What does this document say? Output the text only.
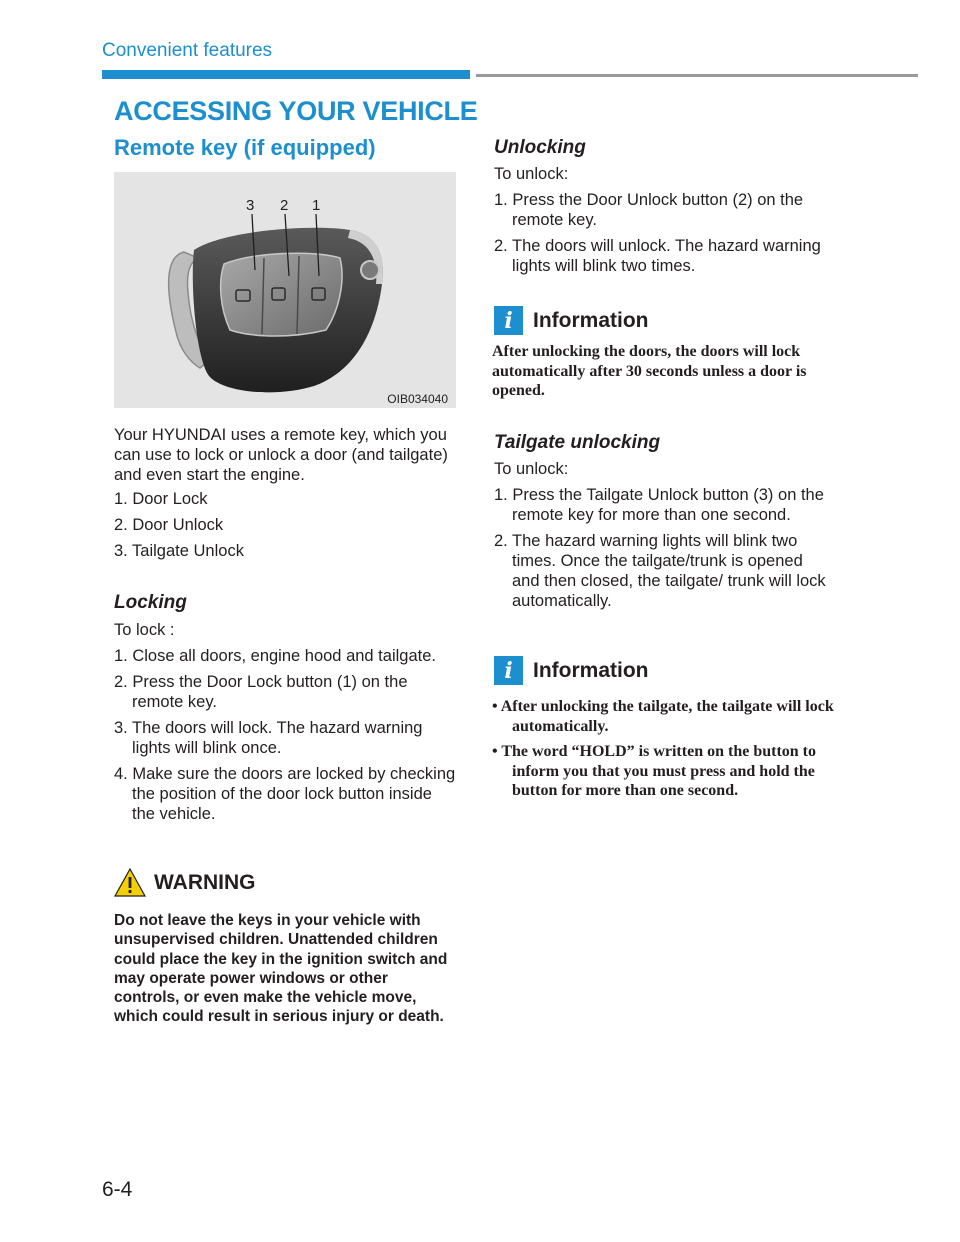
Convenient features
ACCESSING YOUR VEHICLE
Remote key (if equipped)
3 2 1
OIB034040
Your HYUNDAI uses a remote key, which you can use to lock or unlock a door (and tailgate) and even start the engine.
1. Door Lock
2. Door Unlock
3. Tailgate Unlock
Locking
To lock :
1. Close all doors, engine hood and tailgate.
2. Press the Door Lock button (1) on the remote key.
3. The doors will lock. The hazard warning lights will blink once.
4. Make sure the doors are locked by checking the position of the door lock button inside the vehicle.
WARNING
Do not leave the keys in your vehicle with unsupervised children. Unattended children could place the key in the ignition switch and may operate power windows or other controls, or even make the vehicle move, which could result in serious injury or death.
Unlocking
To unlock:
1. Press the Door Unlock button (2) on the remote key.
2. The doors will unlock. The hazard warning lights will blink two times.
i Information
After unlocking the doors, the doors will lock automatically after 30 seconds unless a door is opened.
Tailgate unlocking
To unlock:
1. Press the Tailgate Unlock button (3) on the remote key for more than one second.
2. The hazard warning lights will blink two times. Once the tailgate/trunk is opened and then closed, the tailgate/ trunk will lock automatically.
i Information
• After unlocking the tailgate, the tailgate will lock automatically.
• The word “HOLD” is written on the button to inform you that you must press and hold the button for more than one second.
6-4
